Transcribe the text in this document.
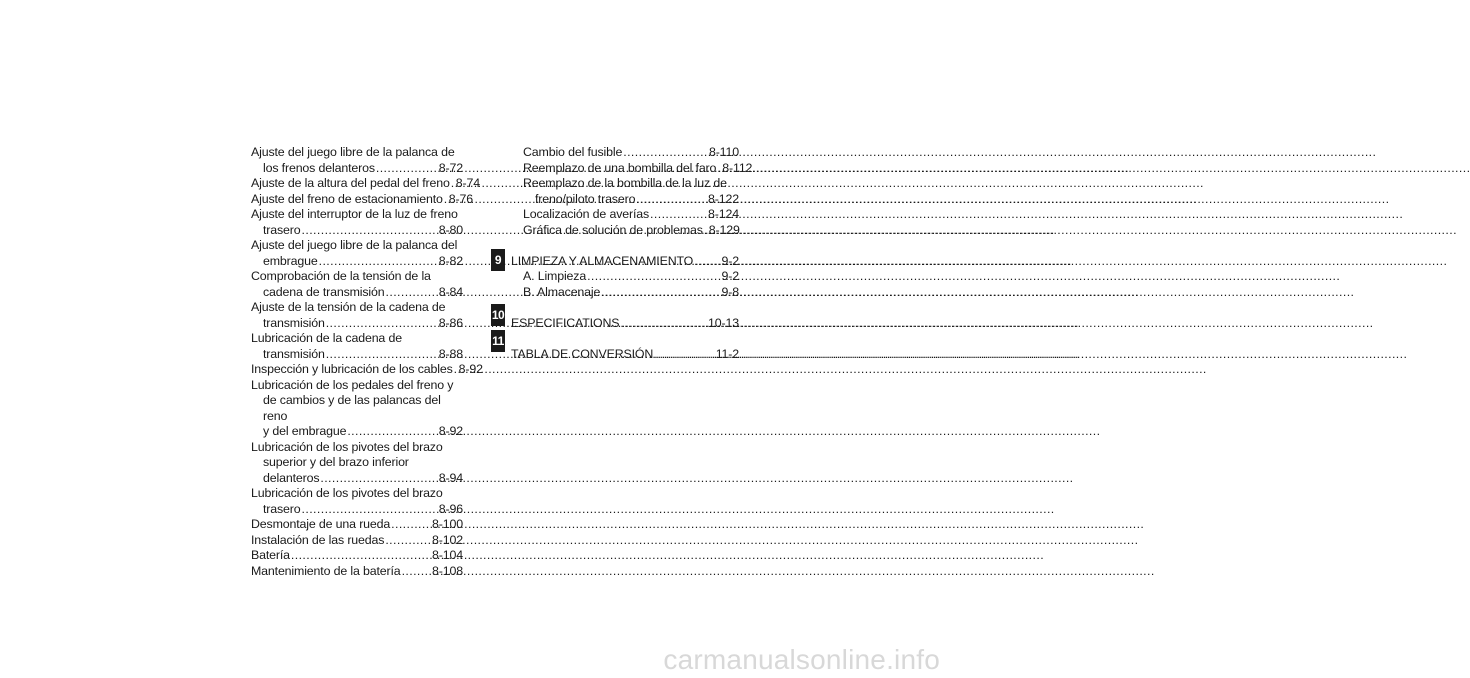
Ajuste del juego libre de la palanca de
los frenos delanteros .....	8-72
Ajuste de la altura del pedal del freno ..... 8-74
Ajuste del freno de estacionamiento ..... 8-76
Ajuste del interruptor de la luz de freno
trasero .....	8-80
Ajuste del juego libre de la palanca del
embrague .....	8-82
Comprobación de la tensión de la
cadena de transmisión .....	8-84
Ajuste de la tensión de la cadena de
transmisión .....	8-86
Lubricación de la cadena de
transmisión .....	8-88
Inspección y lubricación de los cables ..... 8-92
Lubricación de los pedales del freno y
de cambios y de las palancas del reno
y del embrague .....	8-92
Lubricación de los pivotes del brazo
superior y del brazo inferior
delanteros .....	8-94
Lubricación de los pivotes del brazo
trasero .....	8-96
Desmontaje de una rueda .....	8-100
Instalación de las ruedas .....	8-102
Batería .....	8-104
Mantenimiento de la batería .....	8-108
Cambio del fusible .....	8-110
Reemplazo de una bombilla del faro ..... 8-112
Reemplazo de la bombilla de la luz de
freno/piloto trasero .....	8-122
Localización de averías .....	8-124
Gráfica de solución de problemas ..... 8-129
LIMPIEZA Y ALMACENAMIENTO ..... 9-2
A. Limpieza .....	9-2
B. Almacenaje .....	9-8
ESPECIFICATIONS .....	10-13
TABLA DE CONVERSIÓN .....	11-2
9
10
11
carmanualsonline.info
